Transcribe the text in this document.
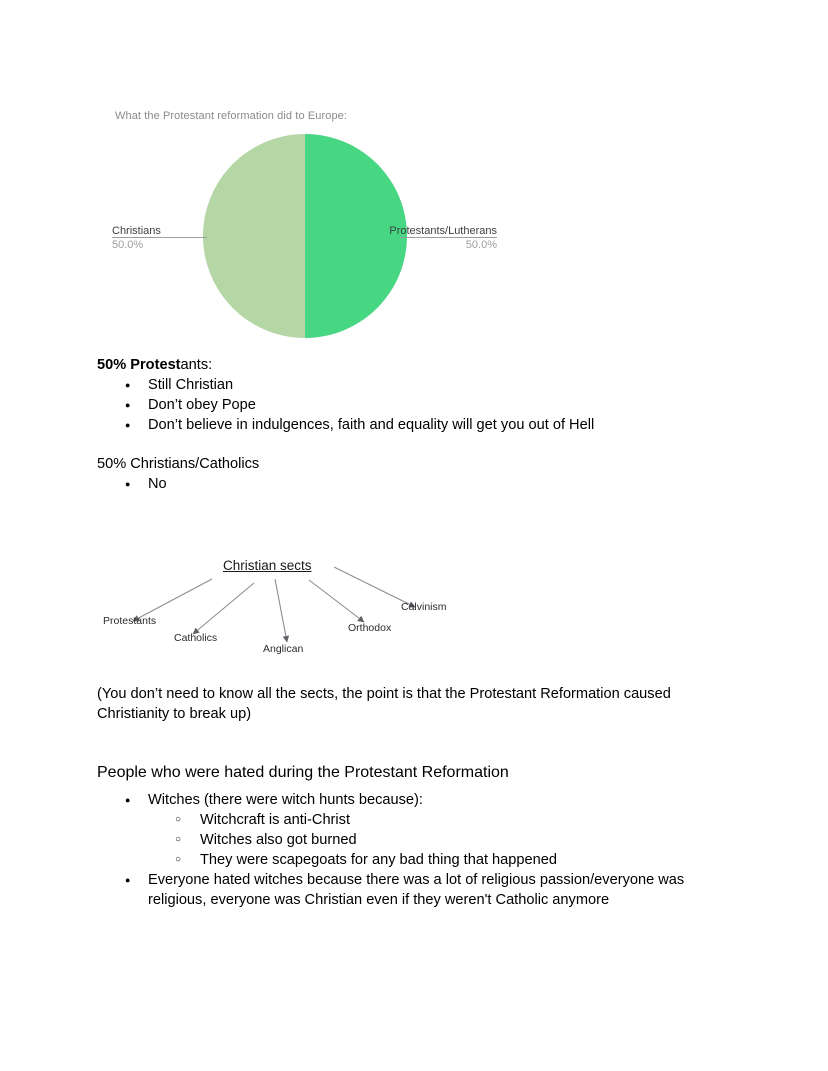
What the Protestant reformation did to Europe:
Christians
50.0%
Protestants/Lutherans
50.0%
50% Protestants:
● Still Christian
● Don’t obey Pope
● Don’t believe in indulgences, faith and equality will get you out of Hell
50% Christians/Catholics
● No
Christian sects
Protestants
Catholics
Anglican
Orthodox
Calvinism
(You don’t need to know all the sects, the point is that the Protestant Reformation caused Christianity to break up)
People who were hated during the Protestant Reformation
● Witches (there were witch hunts because):
○ Witchcraft is anti-Christ
○ Witches also got burned
○ They were scapegoats for any bad thing that happened
● Everyone hated witches because there was a lot of religious passion/everyone was religious, everyone was Christian even if they weren't Catholic anymore
